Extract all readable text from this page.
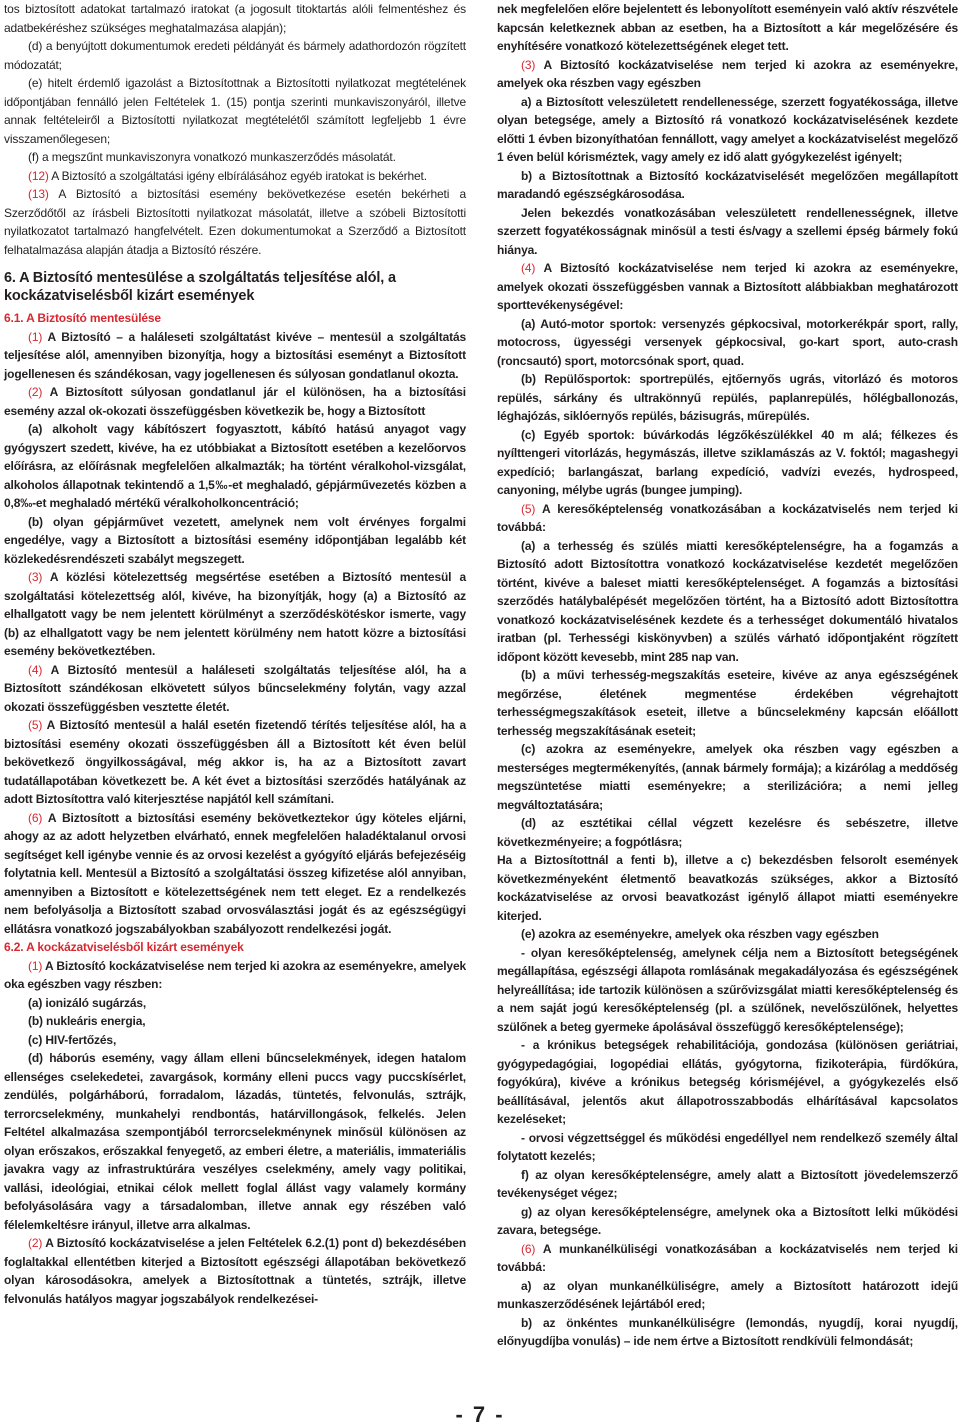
tos biztosított adatokat tartalmazó iratokat (a jogosult titoktartás alóli felmentéshez és adatbekéréshez szükséges meghatalmazása alapján);

(d) a benyújtott dokumentumok eredeti példányát és bármely adathordozón rögzített módozatát;

(e) hitelt érdemlő igazolást a Biztosítottnak a Biztosítotti nyilatkozat megtételének időpontjában fennálló jelen Feltételek 1. (15) pontja szerinti munkaviszonyáról, illetve annak feltételeiről a Biztosítotti nyilatkozat megtételétől számított legfeljebb 1 évre visszamenőlegesen;

(f) a megszűnt munkaviszonyra vonatkozó munkaszerződés másolatát.

(12) A Biztosító a szolgáltatási igény elbírálásához egyéb iratokat is bekérhet.

(13) A Biztosító a biztosítási esemény bekövetkezése esetén bekérheti a Szerződőtől az írásbeli Biztosítotti nyilatkozat másolatát, illetve a szóbeli Biztosítotti nyilatkozatot tartalmazó hangfelvételt. Ezen dokumentumokat a Szerződő a Biztosított felhatalmazása alapján átadja a Biztosító részére.

6. A Biztosító mentesülése a szolgáltatás teljesítése alól, a kockázatviselésből kizárt események

6.1. A Biztosító mentesülése

(1) A Biztosító – a haláleseti szolgáltatást kivéve – mentesül a szolgáltatás teljesítése alól, amennyiben bizonyítja, hogy a biztosítási eseményt a Biztosított jogellenesen és szándékosan, vagy jogellenesen és súlyosan gondatlanul okozta.

(2) A Biztosított súlyosan gondatlanul jár el különösen, ha a biztosítási esemény azzal ok-okozati összefüggésben következik be, hogy a Biztosított

(a) alkoholt vagy kábítószert fogyasztott, kábító hatású anyagot vagy gyógyszert szedett, kivéve, ha ez utóbbiakat a Biztosított esetében a kezelőorvos előírásra, az előírásnak megfelelően alkalmazták; ha történt véralkohol-vizsgálat, alkoholos állapotnak tekintendő a 1,5‰-et meghaladó, gépjárművezetés közben a 0,8‰-et meghaladó mértékű véralkoholkoncentráció;

(b) olyan gépjárművet vezetett, amelynek nem volt érvényes forgalmi engedélye, vagy a Biztosított a biztosítási esemény időpontjában legalább két közlekedésrendészeti szabályt megszegett.

(3) A közlési kötelezettség megsértése esetében a Biztosító mentesül a szolgáltatási kötelezettség alól, kivéve, ha bizonyítják, hogy (a) a Biztosító az elhallgatott vagy be nem jelentett körülményt a szerződéskötéskor ismerte, vagy (b) az elhallgatott vagy be nem jelentett körülmény nem hatott közre a biztosítási esemény bekövetkeztében.

(4) A Biztosító mentesül a haláleseti szolgáltatás teljesítése alól, ha a Biztosított szándékosan elkövetett súlyos bűncselekmény folytán, vagy azzal okozati összefüggésben vesztette életét.

(5) A Biztosító mentesül a halál esetén fizetendő térítés teljesítése alól, ha a biztosítási esemény okozati összefüggésben áll a Biztosított két éven belül bekövetkező öngyilkosságával, még akkor is, ha az a Biztosított zavart tudatállapotában következett be. A két évet a biztosítási szerződés hatályának az adott Biztosítottra való kiterjesztése napjától kell számítani.

(6) A Biztosított a biztosítási esemény bekövetkeztekor úgy köteles eljárni, ahogy az az adott helyzetben elvárható, ennek megfelelően haladéktalanul orvosi segítséget kell igénybe vennie és az orvosi kezelést a gyógyító eljárás befejezéséig folytatnia kell. Mentesül a Biztosító a szolgáltatási összeg kifizetése alól annyiban, amennyiben a Biztosított e kötelezettségének nem tett eleget. Ez a rendelkezés nem befolyásolja a Biztosított szabad orvosválasztási jogát és az egészségügyi ellátásra vonatkozó jogszabályokban szabályozott rendelkezési jogát.

6.2. A kockázatviselésből kizárt események

(1) A Biztosító kockázatviselése nem terjed ki azokra az eseményekre, amelyek oka egészben vagy részben:

(a) ionizáló sugárzás,

(b) nukleáris energia,

(c) HIV-fertőzés,

(d) háborús esemény, vagy állam elleni bűncselekmények, idegen hatalom ellenséges cselekedetei, zavargások, kormány elleni puccs vagy puccskísérlet, zendülés, polgárháború, forradalom, lázadás, tüntetés, felvonulás, sztrájk, terrorcselekmény, munkahelyi rendbontás, határvillongások, felkelés. Jelen Feltétel alkalmazása szempontjából terrorcselekménynek minősül különösen az olyan erőszakos, erőszakkal fenyegető, az emberi életre, a materiális, immateriális javakra vagy az infrastruktúrára veszélyes cselekmény, amely vagy politikai, vallási, ideológiai, etnikai célok mellett foglal állást vagy valamely kormány befolyásolására vagy a társadalomban, illetve annak egy részében való félelemkeltésre irányul, illetve arra alkalmas.

(2) A Biztosító kockázatviselése a jelen Feltételek 6.2.(1) pont d) bekezdésében foglaltakkal ellentétben kiterjed a Biztosított egészségi állapotában bekövetkező olyan károsodásokra, amelyek a Biztosítottnak a tüntetés, sztrájk, illetve felvonulás hatályos magyar jogszabályok rendelkezései-

nek megfelelően előre bejelentett és lebonyolított eseményein való aktív részvétele kapcsán keletkeznek abban az esetben, ha a Biztosított a kár megelőzésére és enyhítésére vonatkozó kötelezettségének eleget tett.

(3) A Biztosító kockázatviselése nem terjed ki azokra az eseményekre, amelyek oka részben vagy egészben

a) a Biztosított veleszületett rendellenessége, szerzett fogyatékossága, illetve olyan betegsége, amely a Biztosító rá vonatkozó kockázatviselésének kezdete előtti 1 évben bizonyíthatóan fennállott, vagy amelyet a kockázatviselést megelőző 1 éven belül kórisméztek, vagy amely ez idő alatt gyógykezelést igényelt;

b) a Biztosítottnak a Biztosító kockázatviselését megelőzően megállapított maradandó egészségkárosodása.

Jelen bekezdés vonatkozásában veleszületett rendellenességnek, illetve szerzett fogyatékosságnak minősül a testi és/vagy a szellemi épség bármely fokú hiánya.

(4) A Biztosító kockázatviselése nem terjed ki azokra az eseményekre, amelyek okozati összefüggésben vannak a Biztosított alábbiakban meghatározott sporttevékenységével:

(a) Autó-motor sportok: versenyzés gépkocsival, motorkerékpár sport, rally, motocross, ügyességi versenyek gépkocsival, go-kart sport, auto-crash (roncsautó) sport, motorcsónak sport, quad.

(b) Repülősportok: sportrepülés, ejtőernyős ugrás, vitorlázó és motoros repülés, sárkány és ultrakönnyű repülés, paplanrepülés, hőlégballonozás, léghajózás, siklóernyős repülés, bázisugrás, műrepülés.

(c) Egyéb sportok: búvárkodás légzőkészülékkel 40 m alá; félkezes és nyílttengeri vitorlázás, hegymászás, illetve sziklamászás az V. foktól; magashegyi expedíció; barlangászat, barlang expedíció, vadvízi evezés, hydrospeed, canyoning, mélybe ugrás (bungee jumping).

(5) A keresőképtelenség vonatkozásában a kockázatviselés nem terjed ki továbbá:

(a) a terhesség és szülés miatti keresőképtelenségre, ha a fogamzás a Biztosító adott Biztosítottra vonatkozó kockázatviselése kezdetét megelőzően történt, kivéve a baleset miatti keresőképtelenséget. A fogamzás a biztosítási szerződés hatálybalépését megelőzően történt, ha a Biztosító adott Biztosítottra vonatkozó kockázatviselésének kezdete és a terhességet dokumentáló hivatalos iratban (pl. Terhességi kiskönyvben) a szülés várható időpontjaként rögzített időpont között kevesebb, mint 285 nap van.

(b) a művi terhesség-megszakítás eseteire, kivéve az anya egészségének megőrzése, életének megmentése érdekében végrehajtott terhességmegszakítások eseteit, illetve a bűncselekmény kapcsán előállott terhesség megszakításának eseteit;

(c) azokra az eseményekre, amelyek oka részben vagy egészben a mesterséges megtermékenyítés, (annak bármely formája); a kizárólag a meddőség megszüntetése miatti eseményekre; a sterilizációra; a nemi jelleg megváltoztatására;

(d) az esztétikai céllal végzett kezelésre és sebészetre, illetve következményeire; a fogpótlásra;

Ha a Biztosítottnál a fenti b), illetve a c) bekezdésben felsorolt események következményeként életmentő beavatkozás szükséges, akkor a Biztosító kockázatviselése az orvosi beavatkozást igénylő állapot miatti eseményekre kiterjed.

(e) azokra az eseményekre, amelyek oka részben vagy egészben

- olyan keresőképtelenség, amelynek célja nem a Biztosított betegségének megállapítása, egészségi állapota romlásának megakadályozása és egészségének helyreállítása; ide tartozik különösen a szűrővizsgálat miatti keresőképtelenség és a nem saját jogú keresőképtelenség (pl. a szülőnek, nevelőszülőnek, helyettes szülőnek a beteg gyermeke ápolásával összefüggő keresőképtelensége);

- a krónikus betegségek rehabilitációja, gondozása (különösen geriátriai, gyógypedagógiai, logopédiai ellátás, gyógytorna, fizikoterápia, fürdőkúra, fogyókúra), kivéve a krónikus betegség kórisméjével, a gyógykezelés első beállításával, jelentős akut állapotrosszabbodás elhárításával kapcsolatos kezeléseket;

- orvosi végzettséggel és működési engedéllyel nem rendelkező személy által folytatott kezelés;

f) az olyan keresőképtelenségre, amely alatt a Biztosított jövedelemszerző tevékenységet végez;

g) az olyan keresőképtelenségre, amelynek oka a Biztosított lelki működési zavara, betegsége.

(6) A munkanélküliségi vonatkozásában a kockázatviselés nem terjed ki továbbá:

a) az olyan munkanélküliségre, amely a Biztosított határozott idejű munkaszerződésének lejártából ered;

b) az önkéntes munkanélküliségre (lemondás, nyugdíj, korai nyugdíj, előnyugdíjba vonulás) – ide nem értve a Biztosított rendkívüli felmondását;

- 7 -
